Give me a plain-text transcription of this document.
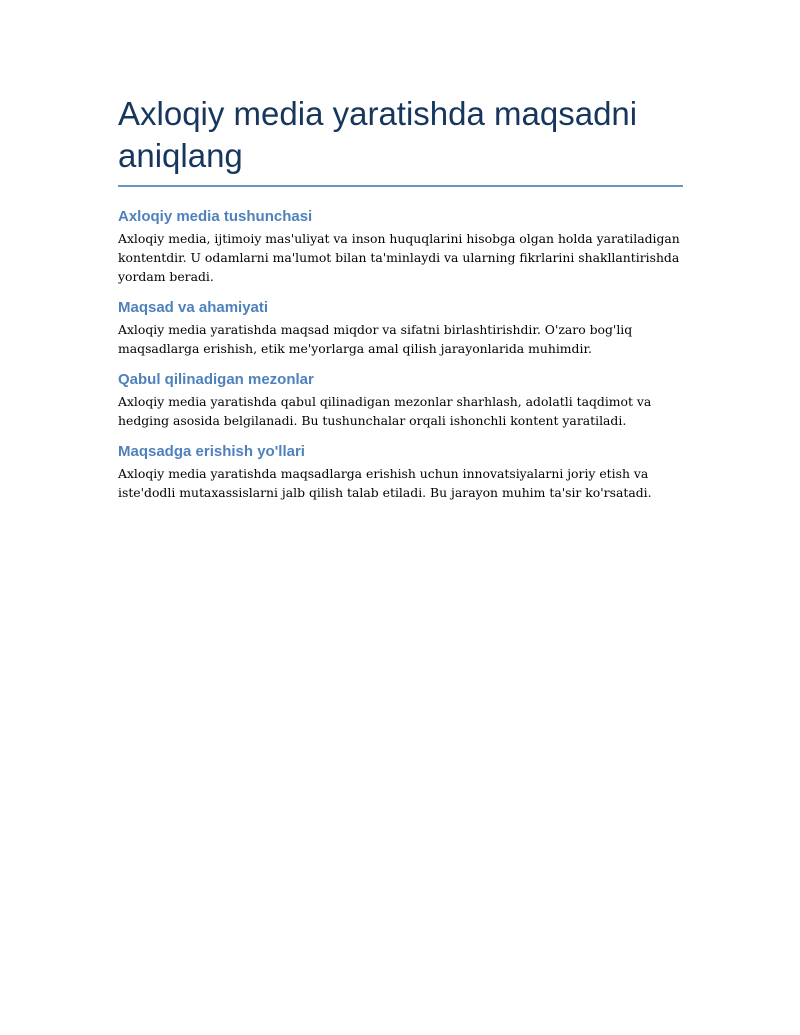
Axloqiy media yaratishda maqsadni aniqlang
Axloqiy media tushunchasi

Axloqiy media, ijtimoiy mas'uliyat va inson huquqlarini hisobga olgan holda yaratiladigan kontentdir. U odamlarni ma'lumot bilan ta'minlaydi va ularning fikrlarini shakllantirishda yordam beradi.

Maqsad va ahamiyati

Axloqiy media yaratishda maqsad miqdor va sifatni birlashtirishdir. O'zaro bog'liq maqsadlarga erishish, etik me'yorlarga amal qilish jarayonlarida muhimdir.

Qabul qilinadigan mezonlar

Axloqiy media yaratishda qabul qilinadigan mezonlar sharhlash, adolatli taqdimot va hedging asosida belgilanadi. Bu tushunchalar orqali ishonchli kontent yaratiladi.

Maqsadga erishish yo'llari

Axloqiy media yaratishda maqsadlarga erishish uchun innovatsiyalarni joriy etish va iste'dodli mutaxassislarni jalb qilish talab etiladi. Bu jarayon muhim ta'sir ko'rsatadi.
